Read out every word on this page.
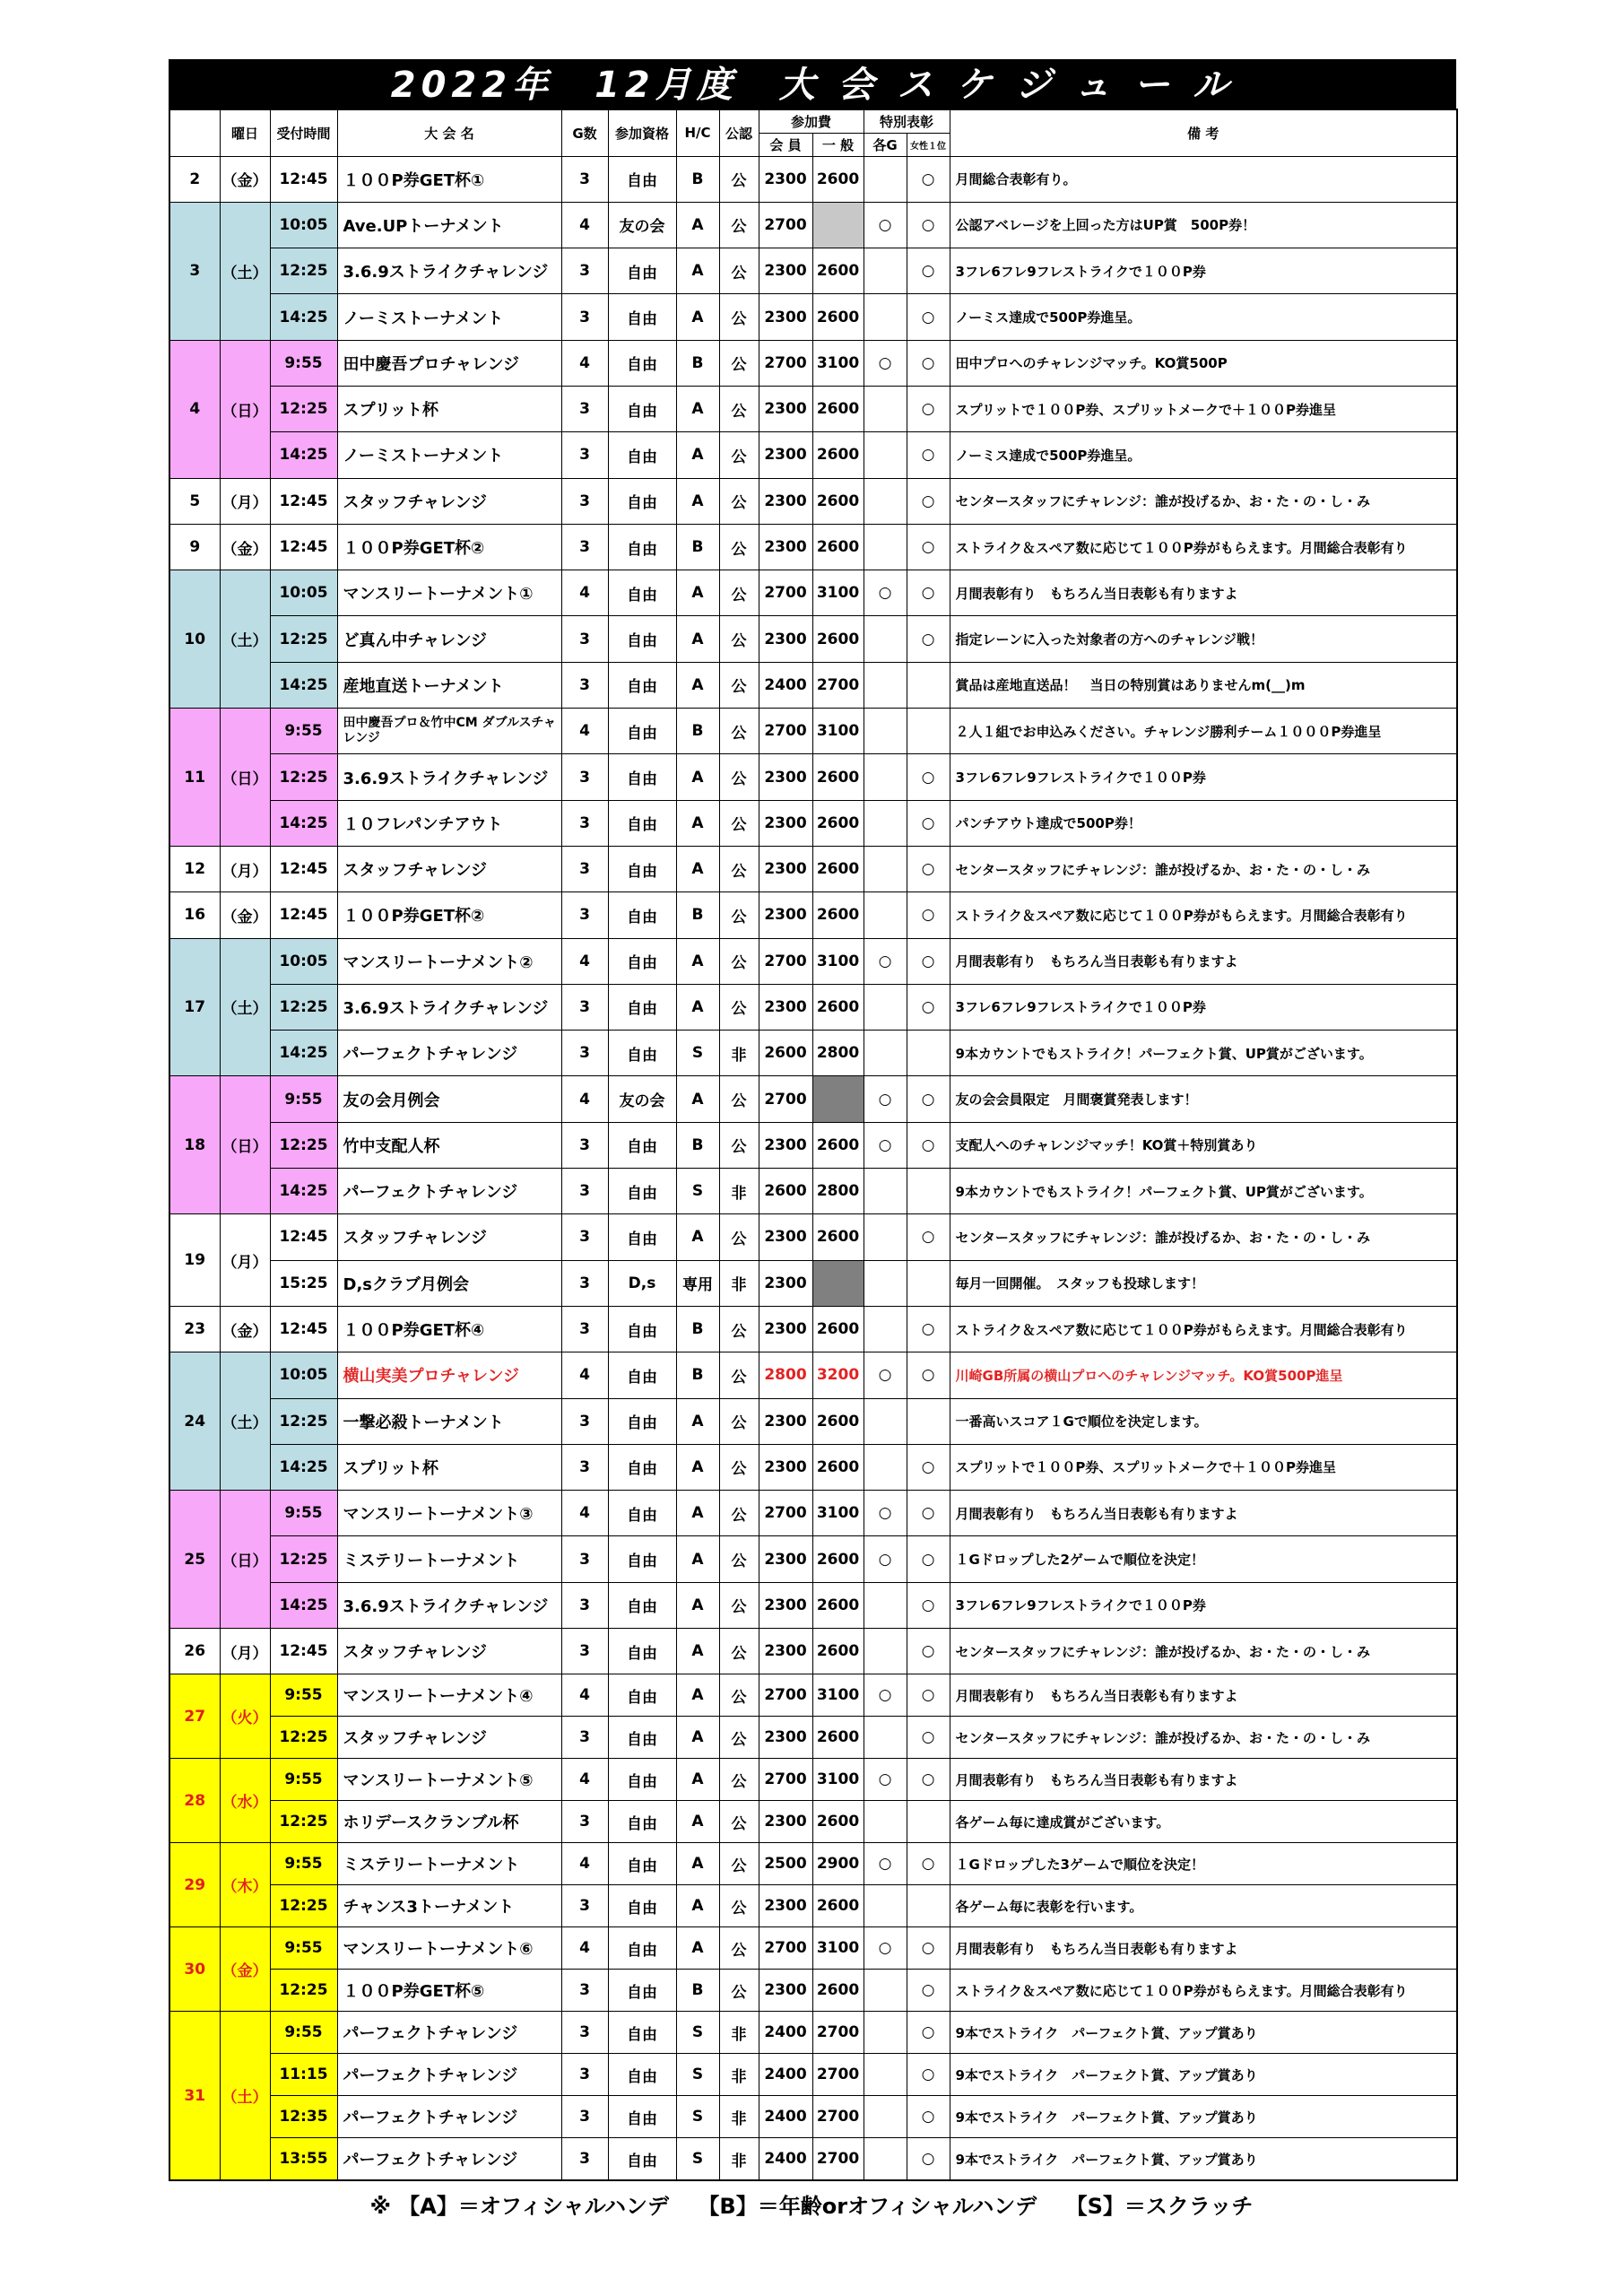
2022年　12月度　大 会 ス ケ ジ ュ ー ル
	曜日	受付時間	大 会 名	G数	参加資格	H/C	公認	参加費		特別表彰		備 考
								会 員	一 般	各G	女性１位	
2	（金）	12:45	１００P券GET杯①	3	自由	B	公	2300	2600		○	月間総合表彰有り。
3	（土）	10:05	Ave.UPトーナメント	4	友の会	A	公	2700		○	○	公認アベレージを上回った方はUP賞　500P券！
		12:25	3.6.9ストライクチャレンジ	3	自由	A	公	2300	2600		○	3フレ6フレ9フレストライクで１００P券
		14:25	ノーミストーナメント	3	自由	A	公	2300	2600		○	ノーミス達成で500P券進呈。
4	（日）	9:55	田中慶吾プロチャレンジ	4	自由	B	公	2700	3100	○	○	田中プロへのチャレンジマッチ。KO賞500P
		12:25	スプリット杯	3	自由	A	公	2300	2600		○	スプリットで１００P券、スプリットメークで＋１００P券進呈
		14:25	ノーミストーナメント	3	自由	A	公	2300	2600		○	ノーミス達成で500P券進呈。
5	（月）	12:45	スタッフチャレンジ	3	自由	A	公	2300	2600		○	センタースタッフにチャレンジ：誰が投げるか、お・た・の・し・み
9	（金）	12:45	１００P券GET杯②	3	自由	B	公	2300	2600		○	ストライク＆スペア数に応じて１００P券がもらえます。月間総合表彰有り
10	（土）	10:05	マンスリートーナメント①	4	自由	A	公	2700	3100	○	○	月間表彰有り　もちろん当日表彰も有りますよ
		12:25	ど真ん中チャレンジ	3	自由	A	公	2300	2600		○	指定レーンに入った対象者の方へのチャレンジ戦！
		14:25	産地直送トーナメント	3	自由	A	公	2400	2700			賞品は産地直送品！　当日の特別賞はありませんm(__)m
11	（日）	9:55	田中慶吾プロ＆竹中CM ダブルスチャレンジ	4	自由	B	公	2700	3100			２人１組でお申込みください。チャレンジ勝利チーム１０００P券進呈
		12:25	3.6.9ストライクチャレンジ	3	自由	A	公	2300	2600		○	3フレ6フレ9フレストライクで１００P券
		14:25	１０フレパンチアウト	3	自由	A	公	2300	2600		○	パンチアウト達成で500P券！
12	（月）	12:45	スタッフチャレンジ	3	自由	A	公	2300	2600		○	センタースタッフにチャレンジ：誰が投げるか、お・た・の・し・み
16	（金）	12:45	１００P券GET杯②	3	自由	B	公	2300	2600		○	ストライク＆スペア数に応じて１００P券がもらえます。月間総合表彰有り
17	（土）	10:05	マンスリートーナメント②	4	自由	A	公	2700	3100	○	○	月間表彰有り　もちろん当日表彰も有りますよ
		12:25	3.6.9ストライクチャレンジ	3	自由	A	公	2300	2600		○	3フレ6フレ9フレストライクで１００P券
		14:25	パーフェクトチャレンジ	3	自由	S	非	2600	2800			9本カウントでもストライク！パーフェクト賞、UP賞がございます。
18	（日）	9:55	友の会月例会	4	友の会	A	公	2700		○	○	友の会会員限定　月間褒賞発表します！
		12:25	竹中支配人杯	3	自由	B	公	2300	2600	○	○	支配人へのチャレンジマッチ！KO賞＋特別賞あり
		14:25	パーフェクトチャレンジ	3	自由	S	非	2600	2800			9本カウントでもストライク！パーフェクト賞、UP賞がございます。
19	（月）	12:45	スタッフチャレンジ	3	自由	A	公	2300	2600		○	センタースタッフにチャレンジ：誰が投げるか、お・た・の・し・み
		15:25	D,sクラブ月例会	3	D,s	専用	非	2300				毎月一回開催。　スタッフも投球します！
23	（金）	12:45	１００P券GET杯④	3	自由	B	公	2300	2600		○	ストライク＆スペア数に応じて１００P券がもらえます。月間総合表彰有り
24	（土）	10:05	横山実美プロチャレンジ	4	自由	B	公	2800	3200	○	○	川崎GB所属の横山プロへのチャレンジマッチ。KO賞500P進呈
		12:25	一撃必殺トーナメント	3	自由	A	公	2300	2600			一番高いスコア１Gで順位を決定します。
		14:25	スプリット杯	3	自由	A	公	2300	2600		○	スプリットで１００P券、スプリットメークで＋１００P券進呈
25	（日）	9:55	マンスリートーナメント③	4	自由	A	公	2700	3100	○	○	月間表彰有り　もちろん当日表彰も有りますよ
		12:25	ミステリートーナメント	3	自由	A	公	2300	2600	○	○	１Gドロップした2ゲームで順位を決定！
		14:25	3.6.9ストライクチャレンジ	3	自由	A	公	2300	2600		○	3フレ6フレ9フレストライクで１００P券
26	（月）	12:45	スタッフチャレンジ	3	自由	A	公	2300	2600		○	センタースタッフにチャレンジ：誰が投げるか、お・た・の・し・み
27	（火）	9:55	マンスリートーナメント④	4	自由	A	公	2700	3100	○	○	月間表彰有り　もちろん当日表彰も有りますよ
		12:25	スタッフチャレンジ	3	自由	A	公	2300	2600		○	センタースタッフにチャレンジ：誰が投げるか、お・た・の・し・み
28	（水）	9:55	マンスリートーナメント⑤	4	自由	A	公	2700	3100	○	○	月間表彰有り　もちろん当日表彰も有りますよ
		12:25	ホリデースクランブル杯	3	自由	A	公	2300	2600			各ゲーム毎に達成賞がございます。
29	（木）	9:55	ミステリートーナメント	4	自由	A	公	2500	2900	○	○	１Gドロップした3ゲームで順位を決定！
		12:25	チャンス3トーナメント	3	自由	A	公	2300	2600			各ゲーム毎に表彰を行います。
30	（金）	9:55	マンスリートーナメント⑥	4	自由	A	公	2700	3100	○	○	月間表彰有り　もちろん当日表彰も有りますよ
		12:25	１００P券GET杯⑤	3	自由	B	公	2300	2600		○	ストライク＆スペア数に応じて１００P券がもらえます。月間総合表彰有り
31	（土）	9:55	パーフェクトチャレンジ	3	自由	S	非	2400	2700		○	9本でストライク　パーフェクト賞、アップ賞あり
		11:15	パーフェクトチャレンジ	3	自由	S	非	2400	2700		○	9本でストライク　パーフェクト賞、アップ賞あり
		12:35	パーフェクトチャレンジ	3	自由	S	非	2400	2700		○	9本でストライク　パーフェクト賞、アップ賞あり
		13:55	パーフェクトチャレンジ	3	自由	S	非	2400	2700		○	9本でストライク　パーフェクト賞、アップ賞あり
※ 【A】＝オフィシャルハンデ　 【B】＝年齢orオフィシャルハンデ　 【S】＝スクラッチ
